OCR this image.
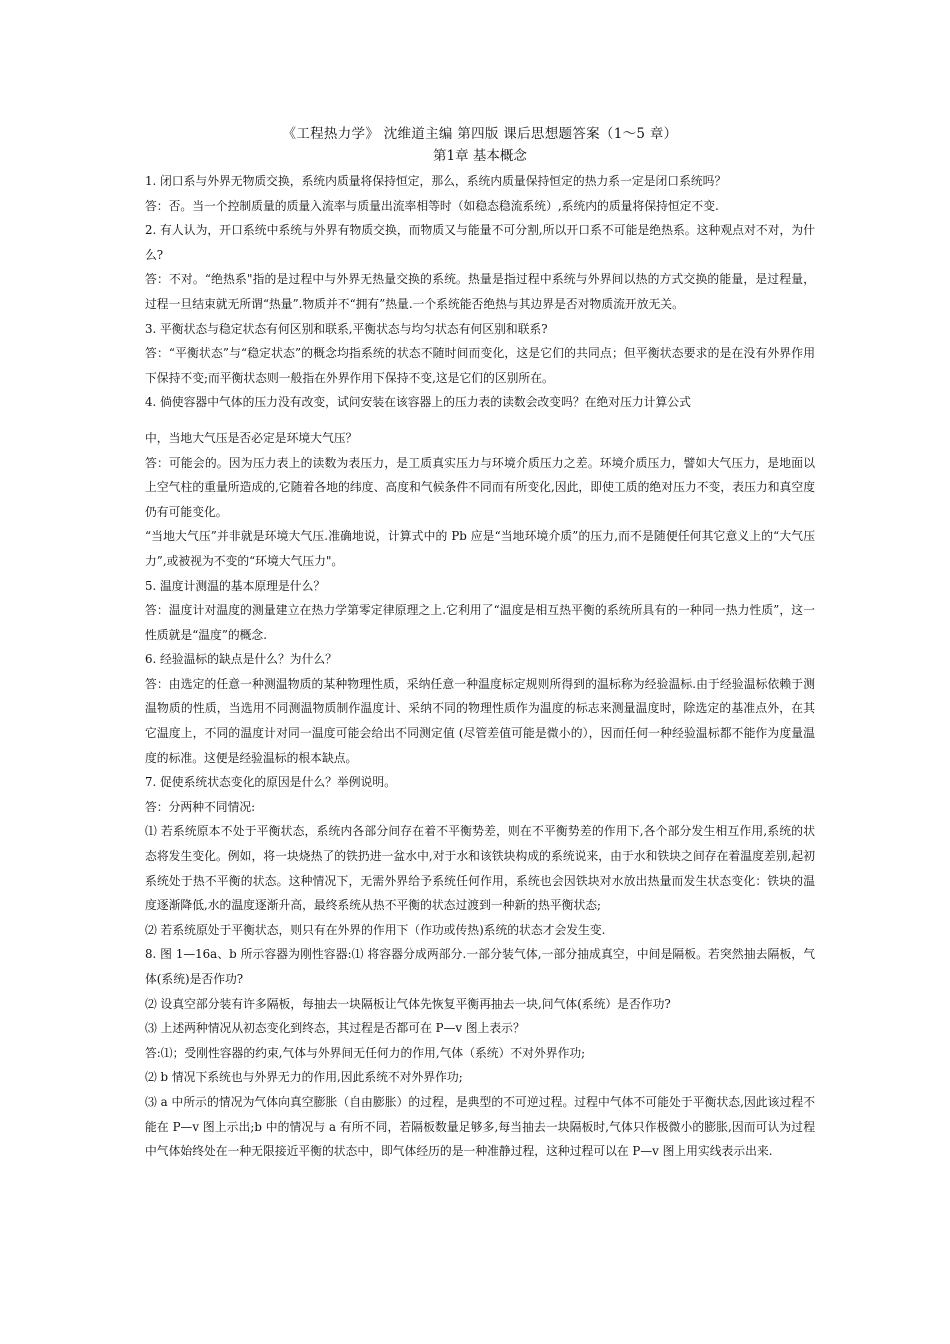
《工程热力学》 沈维道主编 第四版 课后思想题答案（1～5 章）

第1章 基本概念

1. 闭口系与外界无物质交换，系统内质量将保持恒定，那么，系统内质量保持恒定的热力系一定是闭口系统吗？

答：否。当一个控制质量的质量入流率与质量出流率相等时（如稳态稳流系统）,系统内的质量将保持恒定不变.

2. 有人认为，开口系统中系统与外界有物质交换，而物质又与能量不可分割,所以开口系不可能是绝热系。这种观点对不对，为什么?

答：不对。“绝热系"指的是过程中与外界无热量交换的系统。热量是指过程中系统与外界间以热的方式交换的能量，是过程量，过程一旦结束就无所谓“热量”.物质并不“拥有”热量.一个系统能否绝热与其边界是否对物质流开放无关。

3. 平衡状态与稳定状态有何区别和联系,平衡状态与均匀状态有何区别和联系?

答：“平衡状态”与“稳定状态”的概念均指系统的状态不随时间而变化，这是它们的共同点；但平衡状态要求的是在没有外界作用下保持不变;而平衡状态则一般指在外界作用下保持不变,这是它们的区别所在。

4. 倘使容器中气体的压力没有改变，试问安装在该容器上的压力表的读数会改变吗？在绝对压力计算公式

中，当地大气压是否必定是环境大气压？

答：可能会的。因为压力表上的读数为表压力，是工质真实压力与环境介质压力之差。环境介质压力，譬如大气压力，是地面以上空气柱的重量所造成的,它随着各地的纬度、高度和气候条件不同而有所变化,因此，即使工质的绝对压力不变，表压力和真空度仍有可能变化。

“当地大气压”并非就是环境大气压.准确地说，计算式中的 Pb 应是“当地环境介质”的压力,而不是随便任何其它意义上的“大气压力”,或被视为不变的“环境大气压力"。

5. 温度计测温的基本原理是什么？

答：温度计对温度的测量建立在热力学第零定律原理之上.它利用了“温度是相互热平衡的系统所具有的一种同一热力性质”，这一性质就是“温度”的概念.

6. 经验温标的缺点是什么？为什么？

答：由选定的任意一种测温物质的某种物理性质，采纳任意一种温度标定规则所得到的温标称为经验温标.由于经验温标依赖于测温物质的性质，当选用不同测温物质制作温度计、采纳不同的物理性质作为温度的标志来测量温度时，除选定的基准点外，在其它温度上，不同的温度计对同一温度可能会给出不同测定值 (尽管差值可能是微小的），因而任何一种经验温标都不能作为度量温度的标准。这便是经验温标的根本缺点。

7. 促使系统状态变化的原因是什么？举例说明。

答：分两种不同情况:

⑴ 若系统原本不处于平衡状态，系统内各部分间存在着不平衡势差，则在不平衡势差的作用下,各个部分发生相互作用,系统的状态将发生变化。例如，将一块烧热了的铁扔进一盆水中,对于水和该铁块构成的系统说来，由于水和铁块之间存在着温度差别,起初系统处于热不平衡的状态。这种情况下，无需外界给予系统任何作用，系统也会因铁块对水放出热量而发生状态变化：铁块的温度逐渐降低,水的温度逐渐升高，最终系统从热不平衡的状态过渡到一种新的热平衡状态;

⑵ 若系统原处于平衡状态，则只有在外界的作用下（作功或传热)系统的状态才会发生变.

8. 图 1—16a、b 所示容器为刚性容器:⑴ 将容器分成两部分.一部分装气体,一部分抽成真空，中间是隔板。若突然抽去隔板，气体(系统)是否作功?

⑵ 设真空部分装有许多隔板，每抽去一块隔板让气体先恢复平衡再抽去一块,问气体(系统）是否作功?

⑶ 上述两种情况从初态变化到终态，其过程是否都可在 P—v 图上表示？

答:⑴；受刚性容器的约束,气体与外界间无任何力的作用,气体（系统）不对外界作功;

⑵ b 情况下系统也与外界无力的作用,因此系统不对外界作功;

⑶ a 中所示的情况为气体向真空膨胀（自由膨胀）的过程，是典型的不可逆过程。过程中气体不可能处于平衡状态,因此该过程不能在 P—v 图上示出;b 中的情况与 a 有所不同，若隔板数量足够多,每当抽去一块隔板时,气体只作极微小的膨胀,因而可认为过程中气体始终处在一种无限接近平衡的状态中，即气体经历的是一种准静过程，这种过程可以在 P—v 图上用实线表示出来.
